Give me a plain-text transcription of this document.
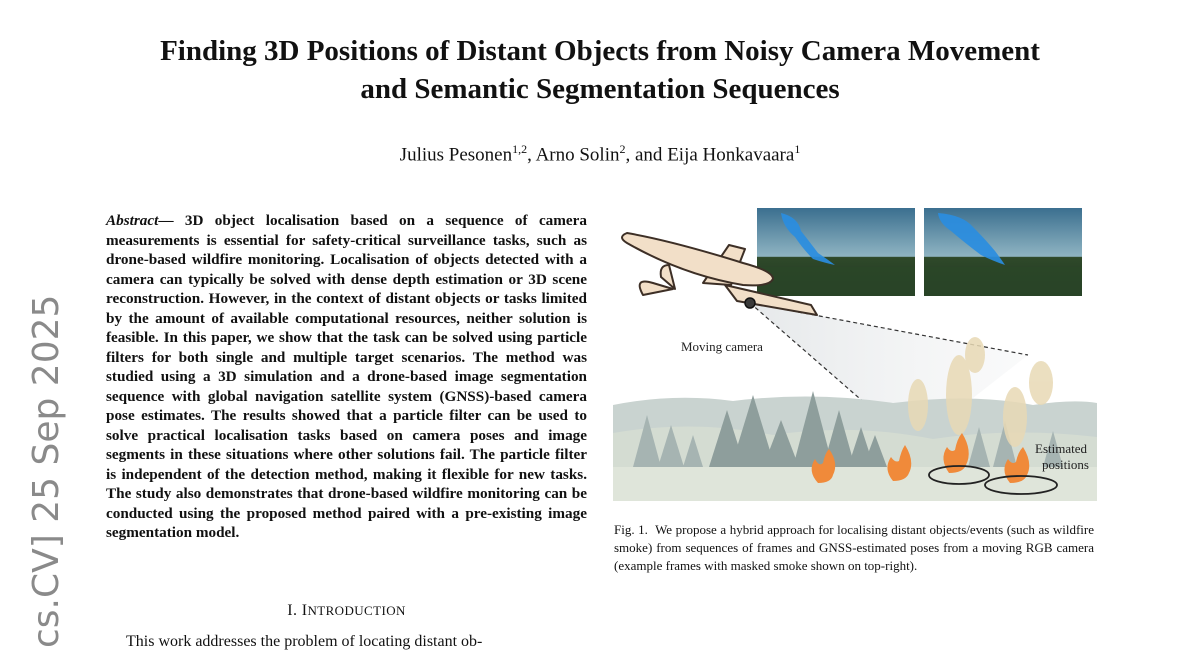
Finding 3D Positions of Distant Objects from Noisy Camera Movement
and Semantic Segmentation Sequences

Julius Pesonen$^{1,2}$, Arno Solin$^2$, and Eija Honkavaara$^1$

cs.CV] 25 Sep 2025

Abstract— 3D object localisation based on a sequence of camera measurements is essential for safety-critical surveillance tasks, such as drone-based wildfire monitoring. Localisation of objects detected with a camera can typically be solved with dense depth estimation or 3D scene reconstruction. However, in the context of distant objects or tasks limited by the amount of available computational resources, neither solution is feasible. In this paper, we show that the task can be solved using particle filters for both single and multiple target scenarios. The method was studied using a 3D simulation and a drone-based image segmentation sequence with global navigation satellite system (GNSS)-based camera pose estimates. The results showed that a particle filter can be used to solve practical localisation tasks based on camera poses and image segments in these situations where other solutions fail. The particle filter is independent of the detection method, making it flexible for new tasks. The study also demonstrates that drone-based wildfire monitoring can be conducted using the proposed method paired with a pre-existing image segmentation model.

I. INTRODUCTION

This work addresses the problem of locating distant ob-

Moving camera
Estimated
positions

Fig. 1. We propose a hybrid approach for localising distant objects/events (such as wildfire smoke) from sequences of frames and GNSS-estimated poses from a moving RGB camera (example frames with masked smoke shown on top-right).
